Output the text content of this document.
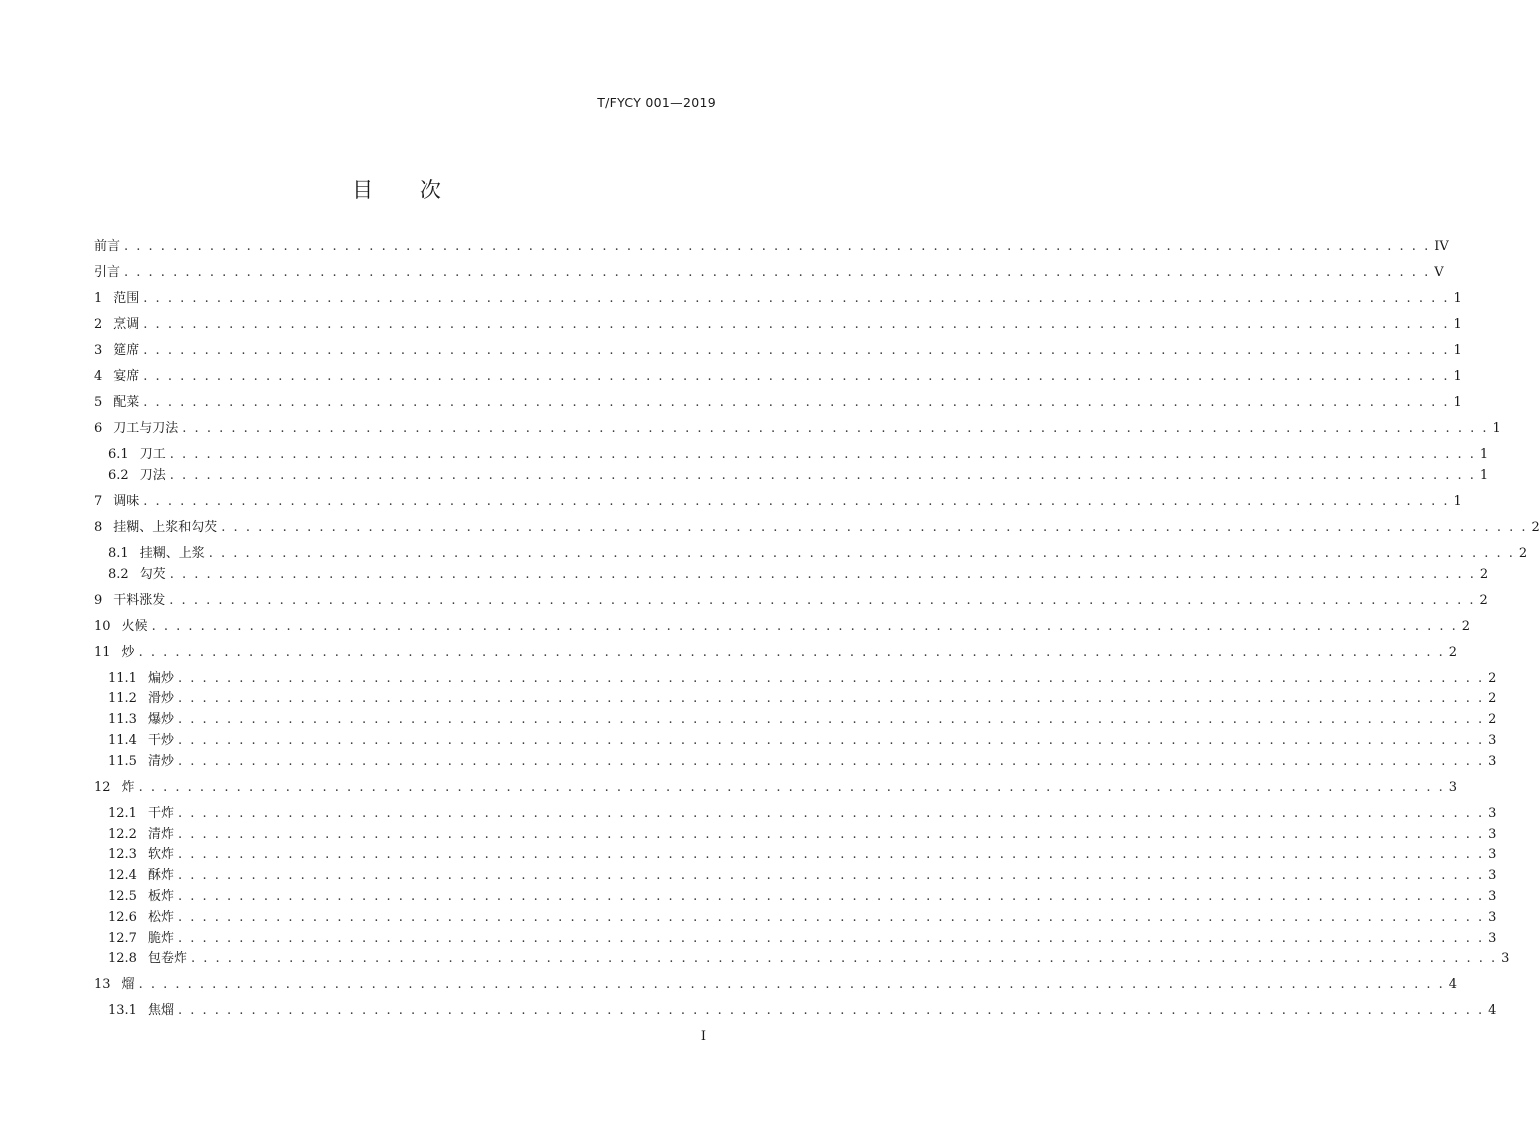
T/FYCY 001—2019
目 次
前言 . . . . . . . . . . . . . . . . . . . . . . . . . . . . . . . . . . . . . . . . . . . . . . . . . . . . . . . . . . . . . . . . . . . . . . . . . . . . . . . . . . . . . . . . . . . . . . . . . . . . . . . . . . . IV
引言 . . . . . . . . . . . . . . . . . . . . . . . . . . . . . . . . . . . . . . . . . . . . . . . . . . . . . . . . . . . . . . . . . . . . . . . . . . . . . . . . . . . . . . . . . . . . . . . . . . . . . . . . . . . V
1 范围 . . . . . . . . . . . . . . . . . . . . . . . . . . . . . . . . . . . . . . . . . . . . . . . . . . . . . . . . . . . . . . . . . . . . . . . . . . . . . . . . . . . . . . . . . . . . . . . . . . . . . . . . . . . 1
2 烹调 . . . . . . . . . . . . . . . . . . . . . . . . . . . . . . . . . . . . . . . . . . . . . . . . . . . . . . . . . . . . . . . . . . . . . . . . . . . . . . . . . . . . . . . . . . . . . . . . . . . . . . . . . . . 1
3 筵席 . . . . . . . . . . . . . . . . . . . . . . . . . . . . . . . . . . . . . . . . . . . . . . . . . . . . . . . . . . . . . . . . . . . . . . . . . . . . . . . . . . . . . . . . . . . . . . . . . . . . . . . . . . . 1
4 宴席 . . . . . . . . . . . . . . . . . . . . . . . . . . . . . . . . . . . . . . . . . . . . . . . . . . . . . . . . . . . . . . . . . . . . . . . . . . . . . . . . . . . . . . . . . . . . . . . . . . . . . . . . . . . 1
5 配菜 . . . . . . . . . . . . . . . . . . . . . . . . . . . . . . . . . . . . . . . . . . . . . . . . . . . . . . . . . . . . . . . . . . . . . . . . . . . . . . . . . . . . . . . . . . . . . . . . . . . . . . . . . . . 1
6 刀工与刀法 . . . . . . . . . . . . . . . . . . . . . . . . . . . . . . . . . . . . . . . . . . . . . . . . . . . . . . . . . . . . . . . . . . . . . . . . . . . . . . . . . . . . . . . . . . . . . . . . . . . . . . . . . . . 1
6.1 刀工 . . . . . . . . . . . . . . . . . . . . . . . . . . . . . . . . . . . . . . . . . . . . . . . . . . . . . . . . . . . . . . . . . . . . . . . . . . . . . . . . . . . . . . . . . . . . . . . . . . . . . . . . . . . 1
6.2 刀法 . . . . . . . . . . . . . . . . . . . . . . . . . . . . . . . . . . . . . . . . . . . . . . . . . . . . . . . . . . . . . . . . . . . . . . . . . . . . . . . . . . . . . . . . . . . . . . . . . . . . . . . . . . . 1
7 调味 . . . . . . . . . . . . . . . . . . . . . . . . . . . . . . . . . . . . . . . . . . . . . . . . . . . . . . . . . . . . . . . . . . . . . . . . . . . . . . . . . . . . . . . . . . . . . . . . . . . . . . . . . . . 1
8 挂糊、上浆和勾芡 . . . . . . . . . . . . . . . . . . . . . . . . . . . . . . . . . . . . . . . . . . . . . . . . . . . . . . . . . . . . . . . . . . . . . . . . . . . . . . . . . . . . . . . . . . . . . . . . . . . . . . . . . . . 2
8.1 挂糊、上浆 . . . . . . . . . . . . . . . . . . . . . . . . . . . . . . . . . . . . . . . . . . . . . . . . . . . . . . . . . . . . . . . . . . . . . . . . . . . . . . . . . . . . . . . . . . . . . . . . . . . . . . . . . . . 2
8.2 勾芡 . . . . . . . . . . . . . . . . . . . . . . . . . . . . . . . . . . . . . . . . . . . . . . . . . . . . . . . . . . . . . . . . . . . . . . . . . . . . . . . . . . . . . . . . . . . . . . . . . . . . . . . . . . . 2
9 干料涨发 . . . . . . . . . . . . . . . . . . . . . . . . . . . . . . . . . . . . . . . . . . . . . . . . . . . . . . . . . . . . . . . . . . . . . . . . . . . . . . . . . . . . . . . . . . . . . . . . . . . . . . . . . . . 2
10 火候 . . . . . . . . . . . . . . . . . . . . . . . . . . . . . . . . . . . . . . . . . . . . . . . . . . . . . . . . . . . . . . . . . . . . . . . . . . . . . . . . . . . . . . . . . . . . . . . . . . . . . . . . . . . 2
11 炒 . . . . . . . . . . . . . . . . . . . . . . . . . . . . . . . . . . . . . . . . . . . . . . . . . . . . . . . . . . . . . . . . . . . . . . . . . . . . . . . . . . . . . . . . . . . . . . . . . . . . . . . . . . . 2
11.1 煸炒 . . . . . . . . . . . . . . . . . . . . . . . . . . . . . . . . . . . . . . . . . . . . . . . . . . . . . . . . . . . . . . . . . . . . . . . . . . . . . . . . . . . . . . . . . . . . . . . . . . . . . . . . . . . 2
11.2 滑炒 . . . . . . . . . . . . . . . . . . . . . . . . . . . . . . . . . . . . . . . . . . . . . . . . . . . . . . . . . . . . . . . . . . . . . . . . . . . . . . . . . . . . . . . . . . . . . . . . . . . . . . . . . . . 2
11.3 爆炒 . . . . . . . . . . . . . . . . . . . . . . . . . . . . . . . . . . . . . . . . . . . . . . . . . . . . . . . . . . . . . . . . . . . . . . . . . . . . . . . . . . . . . . . . . . . . . . . . . . . . . . . . . . . 2
11.4 干炒 . . . . . . . . . . . . . . . . . . . . . . . . . . . . . . . . . . . . . . . . . . . . . . . . . . . . . . . . . . . . . . . . . . . . . . . . . . . . . . . . . . . . . . . . . . . . . . . . . . . . . . . . . . . 3
11.5 清炒 . . . . . . . . . . . . . . . . . . . . . . . . . . . . . . . . . . . . . . . . . . . . . . . . . . . . . . . . . . . . . . . . . . . . . . . . . . . . . . . . . . . . . . . . . . . . . . . . . . . . . . . . . . . 3
12 炸 . . . . . . . . . . . . . . . . . . . . . . . . . . . . . . . . . . . . . . . . . . . . . . . . . . . . . . . . . . . . . . . . . . . . . . . . . . . . . . . . . . . . . . . . . . . . . . . . . . . . . . . . . . . 3
12.1 干炸 . . . . . . . . . . . . . . . . . . . . . . . . . . . . . . . . . . . . . . . . . . . . . . . . . . . . . . . . . . . . . . . . . . . . . . . . . . . . . . . . . . . . . . . . . . . . . . . . . . . . . . . . . . . 3
12.2 清炸 . . . . . . . . . . . . . . . . . . . . . . . . . . . . . . . . . . . . . . . . . . . . . . . . . . . . . . . . . . . . . . . . . . . . . . . . . . . . . . . . . . . . . . . . . . . . . . . . . . . . . . . . . . . 3
12.3 软炸 . . . . . . . . . . . . . . . . . . . . . . . . . . . . . . . . . . . . . . . . . . . . . . . . . . . . . . . . . . . . . . . . . . . . . . . . . . . . . . . . . . . . . . . . . . . . . . . . . . . . . . . . . . . 3
12.4 酥炸 . . . . . . . . . . . . . . . . . . . . . . . . . . . . . . . . . . . . . . . . . . . . . . . . . . . . . . . . . . . . . . . . . . . . . . . . . . . . . . . . . . . . . . . . . . . . . . . . . . . . . . . . . . . 3
12.5 板炸 . . . . . . . . . . . . . . . . . . . . . . . . . . . . . . . . . . . . . . . . . . . . . . . . . . . . . . . . . . . . . . . . . . . . . . . . . . . . . . . . . . . . . . . . . . . . . . . . . . . . . . . . . . . 3
12.6 松炸 . . . . . . . . . . . . . . . . . . . . . . . . . . . . . . . . . . . . . . . . . . . . . . . . . . . . . . . . . . . . . . . . . . . . . . . . . . . . . . . . . . . . . . . . . . . . . . . . . . . . . . . . . . . 3
12.7 脆炸 . . . . . . . . . . . . . . . . . . . . . . . . . . . . . . . . . . . . . . . . . . . . . . . . . . . . . . . . . . . . . . . . . . . . . . . . . . . . . . . . . . . . . . . . . . . . . . . . . . . . . . . . . . . 3
12.8 包卷炸 . . . . . . . . . . . . . . . . . . . . . . . . . . . . . . . . . . . . . . . . . . . . . . . . . . . . . . . . . . . . . . . . . . . . . . . . . . . . . . . . . . . . . . . . . . . . . . . . . . . . . . . . . . . 3
13 熘 . . . . . . . . . . . . . . . . . . . . . . . . . . . . . . . . . . . . . . . . . . . . . . . . . . . . . . . . . . . . . . . . . . . . . . . . . . . . . . . . . . . . . . . . . . . . . . . . . . . . . . . . . . . 4
13.1 焦熘 . . . . . . . . . . . . . . . . . . . . . . . . . . . . . . . . . . . . . . . . . . . . . . . . . . . . . . . . . . . . . . . . . . . . . . . . . . . . . . . . . . . . . . . . . . . . . . . . . . . . . . . . . . . 4
I
